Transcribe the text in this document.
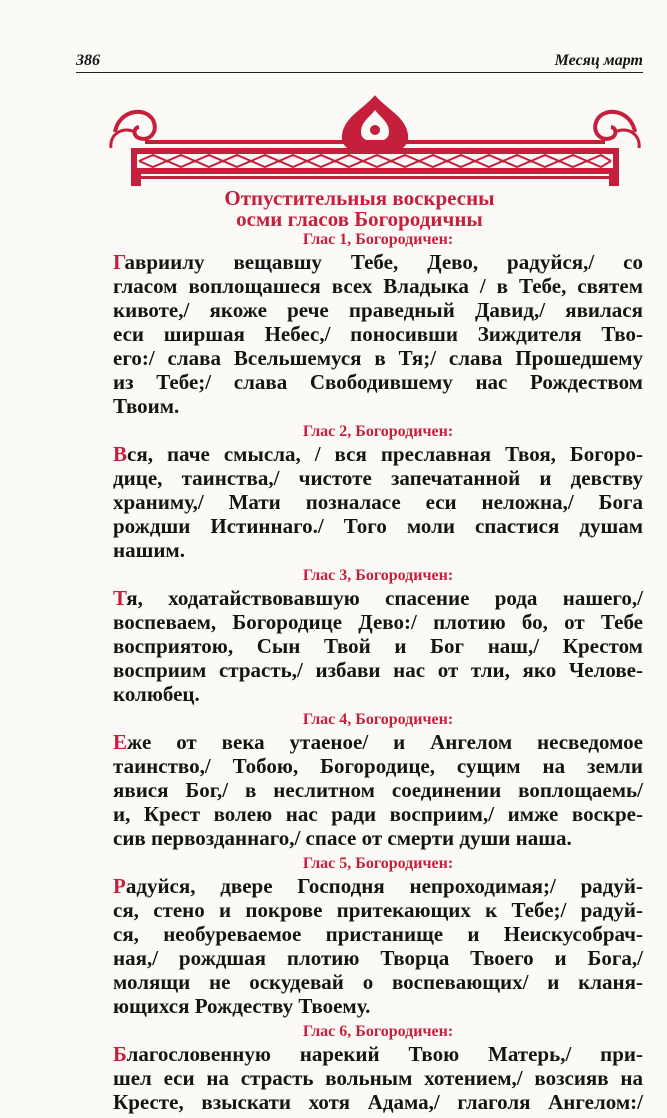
386	Месяц март

Отпустительныя воскресны

осми гласов Богородичны

Глас 1, Богородичен:

Гавриилу вещавшу Тебе, Дево, радуйся,/ со
гласом воплощашеся всех Владыка / в Тебе, святем
кивоте,/ якоже рече праведный Давид,/ явилася
еси ширшая Небес,/ поносивши Зиждителя Тво-
его:/ слава Всельшемуся в Тя;/ слава Прошедшему
из Тебе;/ слава Свободившему нас Рождеством
Твоим.

Глас 2, Богородичен:

Вся, паче смысла, / вся преславная Твоя, Богоро-
дице, таинства,/ чистоте запечатанной и девству
храниму,/ Мати позналасе еси неложна,/ Бога
рождши Истиннаго./ Того моли спастися душам
нашим.

Глас 3, Богородичен:

Тя, ходатайствовавшую спасение рода нашего,/
воспеваем, Богородице Дево:/ плотию бо, от Тебе
восприятою, Сын Твой и Бог наш,/ Крестом
восприим страсть,/ избави нас от тли, яко Челове-
колюбец.

Глас 4, Богородичен:

Еже от века утаеное/ и Ангелом несведомое
таинство,/ Тобою, Богородице, сущим на земли
явися Бог,/ в неслитном соединении воплощаемь/
и, Крест волею нас ради восприим,/ имже воскре-
сив первозданнаго,/ спасе от смерти души наша.

Глас 5, Богородичен:

Радуйся, дверe Господня непроходимая;/ радуй-
ся, стено и покрове притекающих к Тебе;/ радуй-
ся, необуреваемое пристанище и Неискусобрач-
ная,/ рождшая плотию Творца Твоего и Бога,/
молящи не оскудевай о воспевающих/ и кланя-
ющихся Рождеству Твоему.

Глас 6, Богородичен:

Благословенную нарекий Твою Матерь,/ при-
шел еси на страсть вольным хотением,/ возсияв на
Кресте, взыскати хотя Адама,/ глаголя Ангелом:/
